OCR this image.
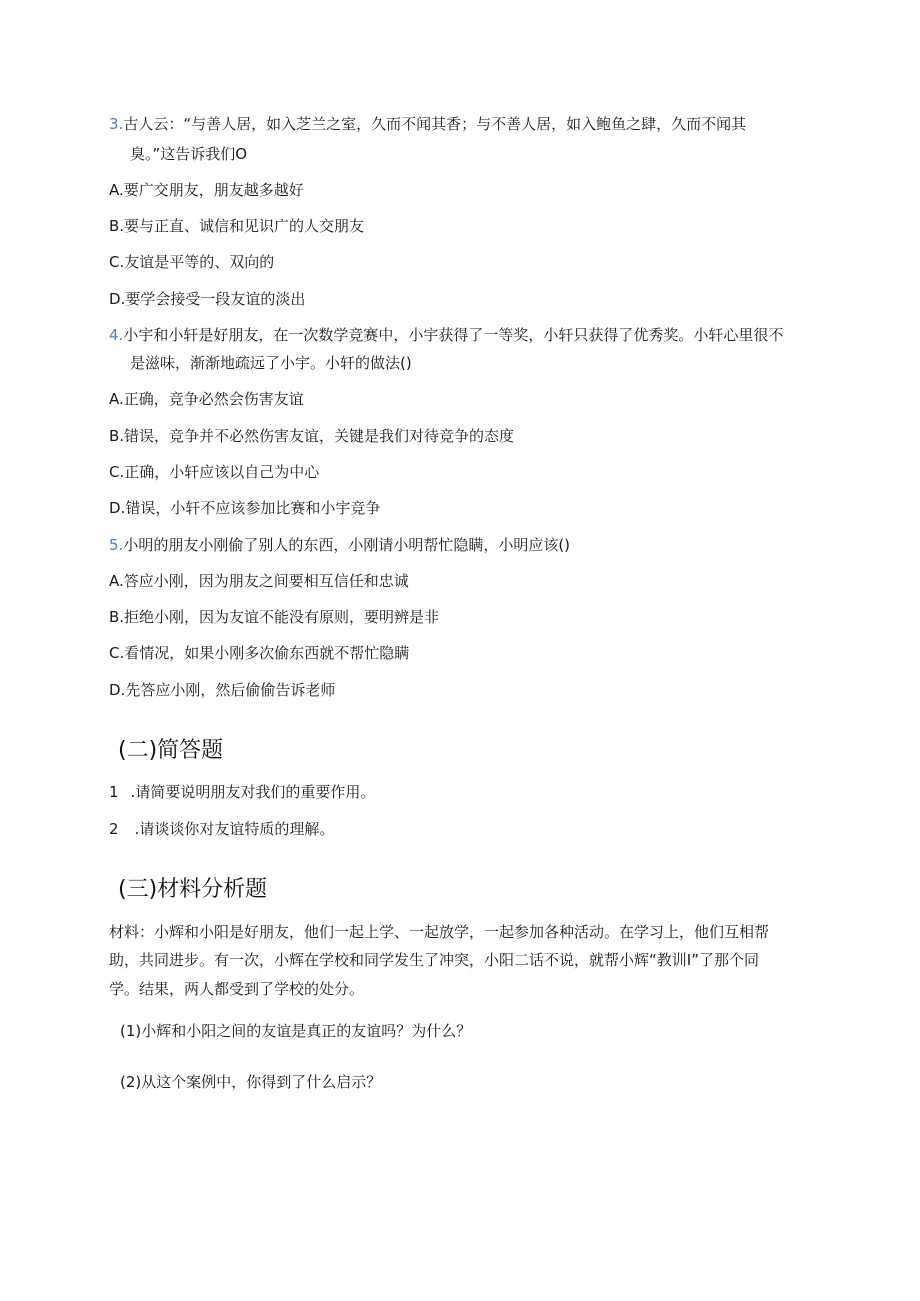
3.古人云：“与善人居，如入芝兰之室，久而不闻其香；与不善人居，如入鲍鱼之肆，久而不闻其
臭。”这告诉我们O
A.要广交朋友，朋友越多越好
B.要与正直、诚信和见识广的人交朋友
C.友谊是平等的、双向的
D.要学会接受一段友谊的淡出
4.小宇和小轩是好朋友，在一次数学竞赛中，小宇获得了一等奖，小轩只获得了优秀奖。小轩心里很不
是滋味，渐渐地疏远了小宇。小轩的做法()
A.正确，竞争必然会伤害友谊
B.错误，竞争并不必然伤害友谊，关键是我们对待竞争的态度
C.正确，小轩应该以自己为中心
D.错误，小轩不应该参加比赛和小宇竞争
5.小明的朋友小刚偷了别人的东西，小刚请小明帮忙隐瞒，小明应该()
A.答应小刚，因为朋友之间要相互信任和忠诚
B.拒绝小刚，因为友谊不能没有原则，要明辨是非
C.看情况，如果小刚多次偷东西就不帮忙隐瞒
D.先答应小刚，然后偷偷告诉老师
(二)简答题
1 .请简要说明朋友对我们的重要作用。
2 .请谈谈你对友谊特质的理解。
(三)材料分析题
材料：小辉和小阳是好朋友，他们一起上学、一起放学，一起参加各种活动。在学习上，他们互相帮
助，共同进步。有一次，小辉在学校和同学发生了冲突，小阳二话不说，就帮小辉“教训I”了那个同
学。结果，两人都受到了学校的处分。
(1)小辉和小阳之间的友谊是真正的友谊吗？为什么？
(2)从这个案例中，你得到了什么启示？
